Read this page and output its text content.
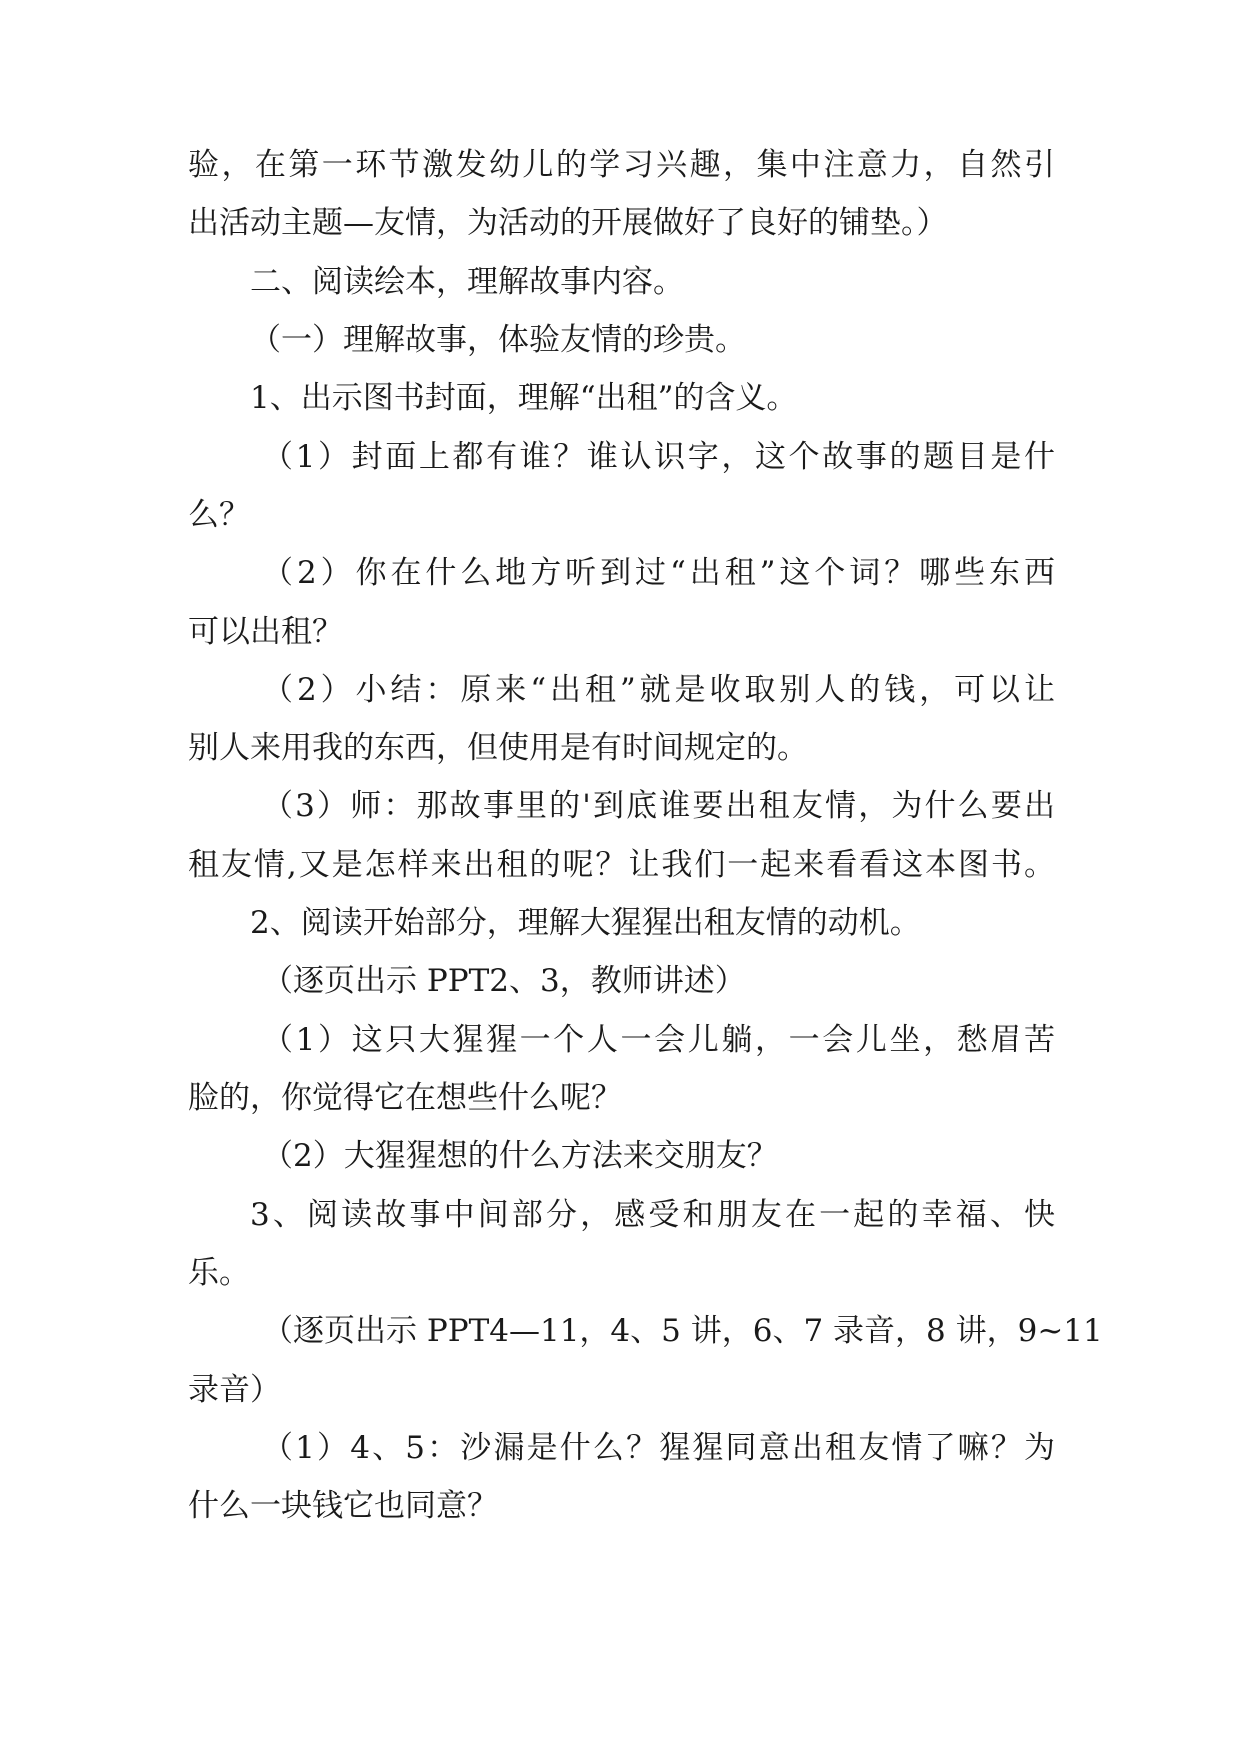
验，在第一环节激发幼儿的学习兴趣，集中注意力，自然引

出活动主题—友情，为活动的开展做好了良好的铺垫。）

二、阅读绘本，理解故事内容。

（一）理解故事，体验友情的珍贵。

1、出示图书封面，理解“出租”的含义。

（1）封面上都有谁？谁认识字，这个故事的题目是什

么？

（2）你在什么地方听到过“出租”这个词？哪些东西

可以出租？

（2）小结：原来“出租”就是收取别人的钱，可以让

别人来用我的东西，但使用是有时间规定的。

（3）师：那故事里的'到底谁要出租友情，为什么要出

租友情,又是怎样来出租的呢？让我们一起来看看这本图书。

2、阅读开始部分，理解大猩猩出租友情的动机。

（逐页出示 PPT2、3，教师讲述）

（1）这只大猩猩一个人一会儿躺，一会儿坐，愁眉苦

脸的，你觉得它在想些什么呢？

（2）大猩猩想的什么方法来交朋友？

3、阅读故事中间部分，感受和朋友在一起的幸福、快

乐。

（逐页出示 PPT4—11，4、5 讲，6、7 录音，8 讲，9~11

录音）

（1）4、5：沙漏是什么？猩猩同意出租友情了嘛？为

什么一块钱它也同意？
